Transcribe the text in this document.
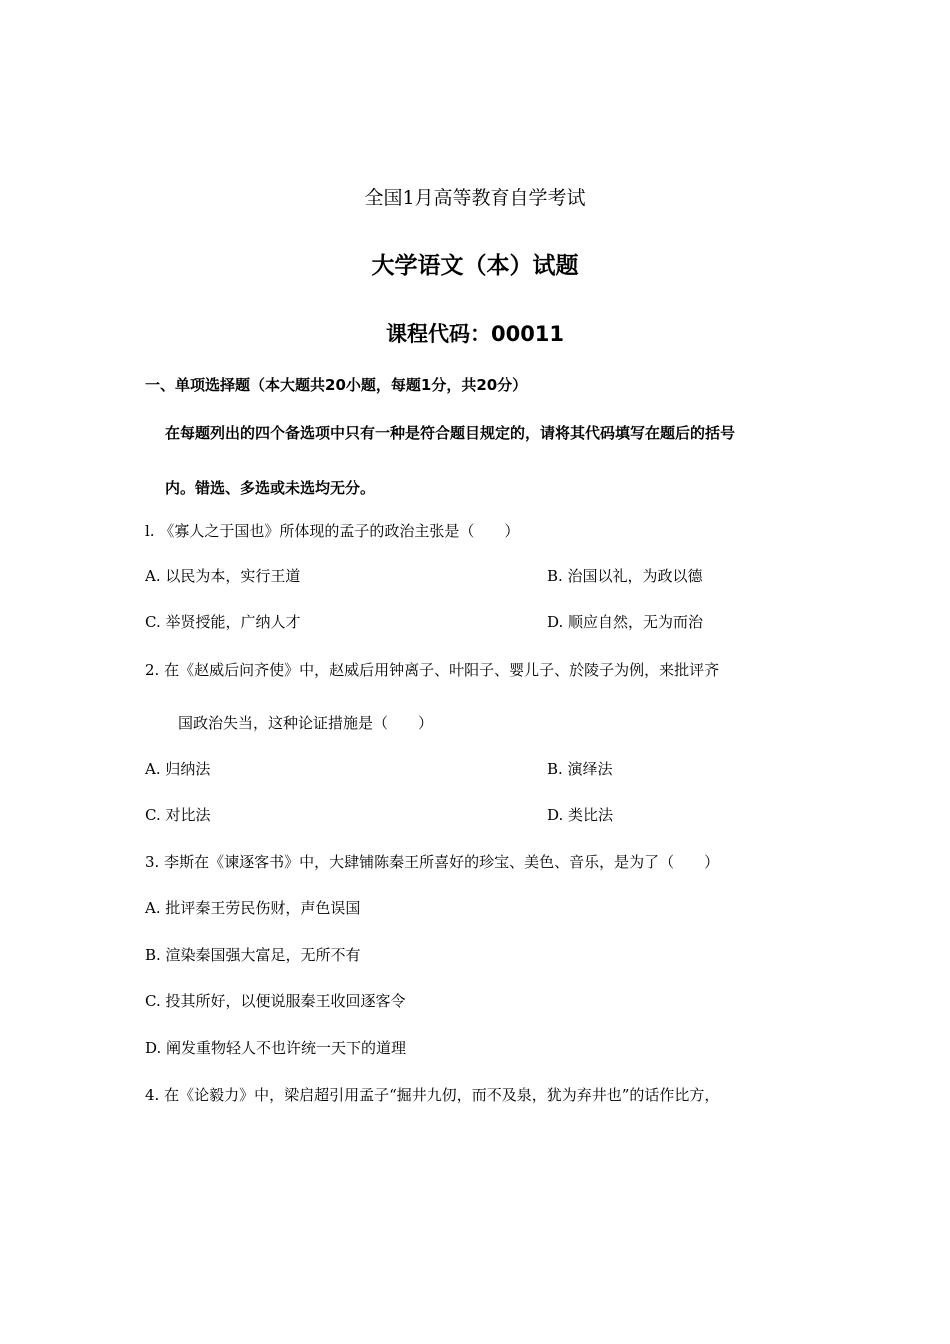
全国1月高等教育自学考试
大学语文（本）试题
课程代码：00011
一、单项选择题（本大题共20小题，每题1分，共20分）
在每题列出的四个备选项中只有一种是符合题目规定的，请将其代码填写在题后的括号
内。错选、多选或未选均无分。
l. 《寡人之于国也》所体现的孟子的政治主张是（　　）
A. 以民为本，实行王道	B. 治国以礼，为政以德
C. 举贤授能，广纳人才	D. 顺应自然，无为而治
2. 在《赵威后问齐使》中，赵威后用钟离子、叶阳子、婴儿子、於陵子为例，来批评齐
国政治失当，这种论证措施是（　　）
A. 归纳法	B. 演绎法
C. 对比法	D. 类比法
3. 李斯在《谏逐客书》中，大肆铺陈秦王所喜好的珍宝、美色、音乐，是为了（　　）
A. 批评秦王劳民伤财，声色误国
B. 渲染秦国强大富足，无所不有
C. 投其所好，以便说服秦王收回逐客令
D. 阐发重物轻人不也许统一天下的道理
4. 在《论毅力》中，梁启超引用孟子“掘井九仞，而不及泉，犹为弃井也”的话作比方，
